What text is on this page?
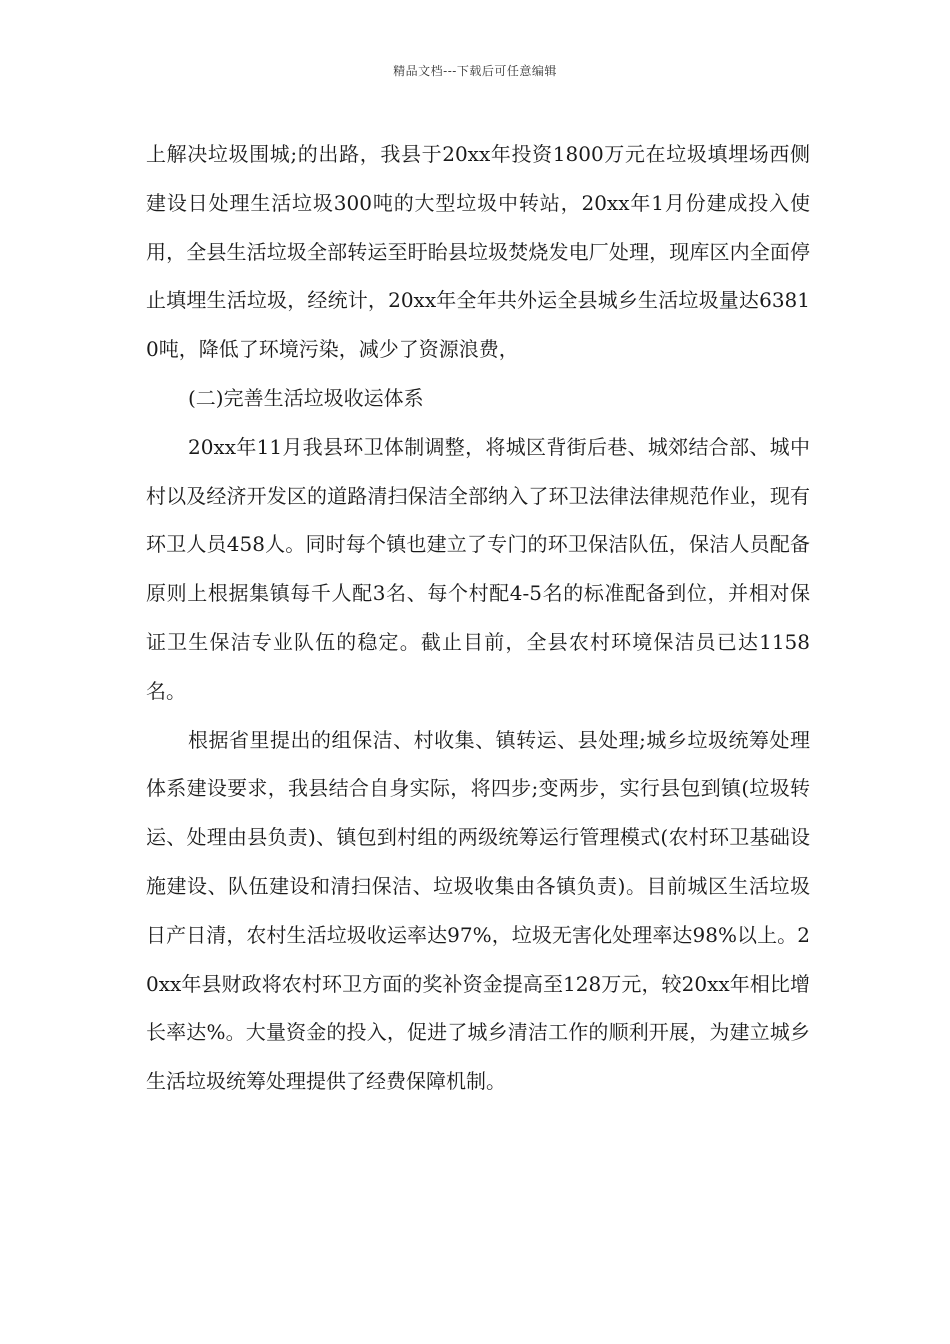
精品文档---下载后可任意编辑

上解决垃圾围城;的出路，我县于20xx年投资1800万元在垃圾填埋场西侧建设日处理生活垃圾300吨的大型垃圾中转站，20xx年1月份建成投入使用，全县生活垃圾全部转运至盱眙县垃圾焚烧发电厂处理，现库区内全面停止填埋生活垃圾，经统计，20xx年全年共外运全县城乡生活垃圾量达63810吨，降低了环境污染，减少了资源浪费，

(二)完善生活垃圾收运体系

20xx年11月我县环卫体制调整，将城区背街后巷、城郊结合部、城中村以及经济开发区的道路清扫保洁全部纳入了环卫法律法律规范作业，现有环卫人员458人。同时每个镇也建立了专门的环卫保洁队伍，保洁人员配备原则上根据集镇每千人配3名、每个村配4-5名的标准配备到位，并相对保证卫生保洁专业队伍的稳定。截止目前，全县农村环境保洁员已达1158名。

根据省里提出的组保洁、村收集、镇转运、县处理;城乡垃圾统筹处理体系建设要求，我县结合自身实际，将四步;变两步，实行县包到镇(垃圾转运、处理由县负责)、镇包到村组的两级统筹运行管理模式(农村环卫基础设施建设、队伍建设和清扫保洁、垃圾收集由各镇负责)。目前城区生活垃圾日产日清，农村生活垃圾收运率达97%，垃圾无害化处理率达98%以上。20xx年县财政将农村环卫方面的奖补资金提高至128万元，较20xx年相比增长率达%。大量资金的投入，促进了城乡清洁工作的顺利开展，为建立城乡生活垃圾统筹处理提供了经费保障机制。
